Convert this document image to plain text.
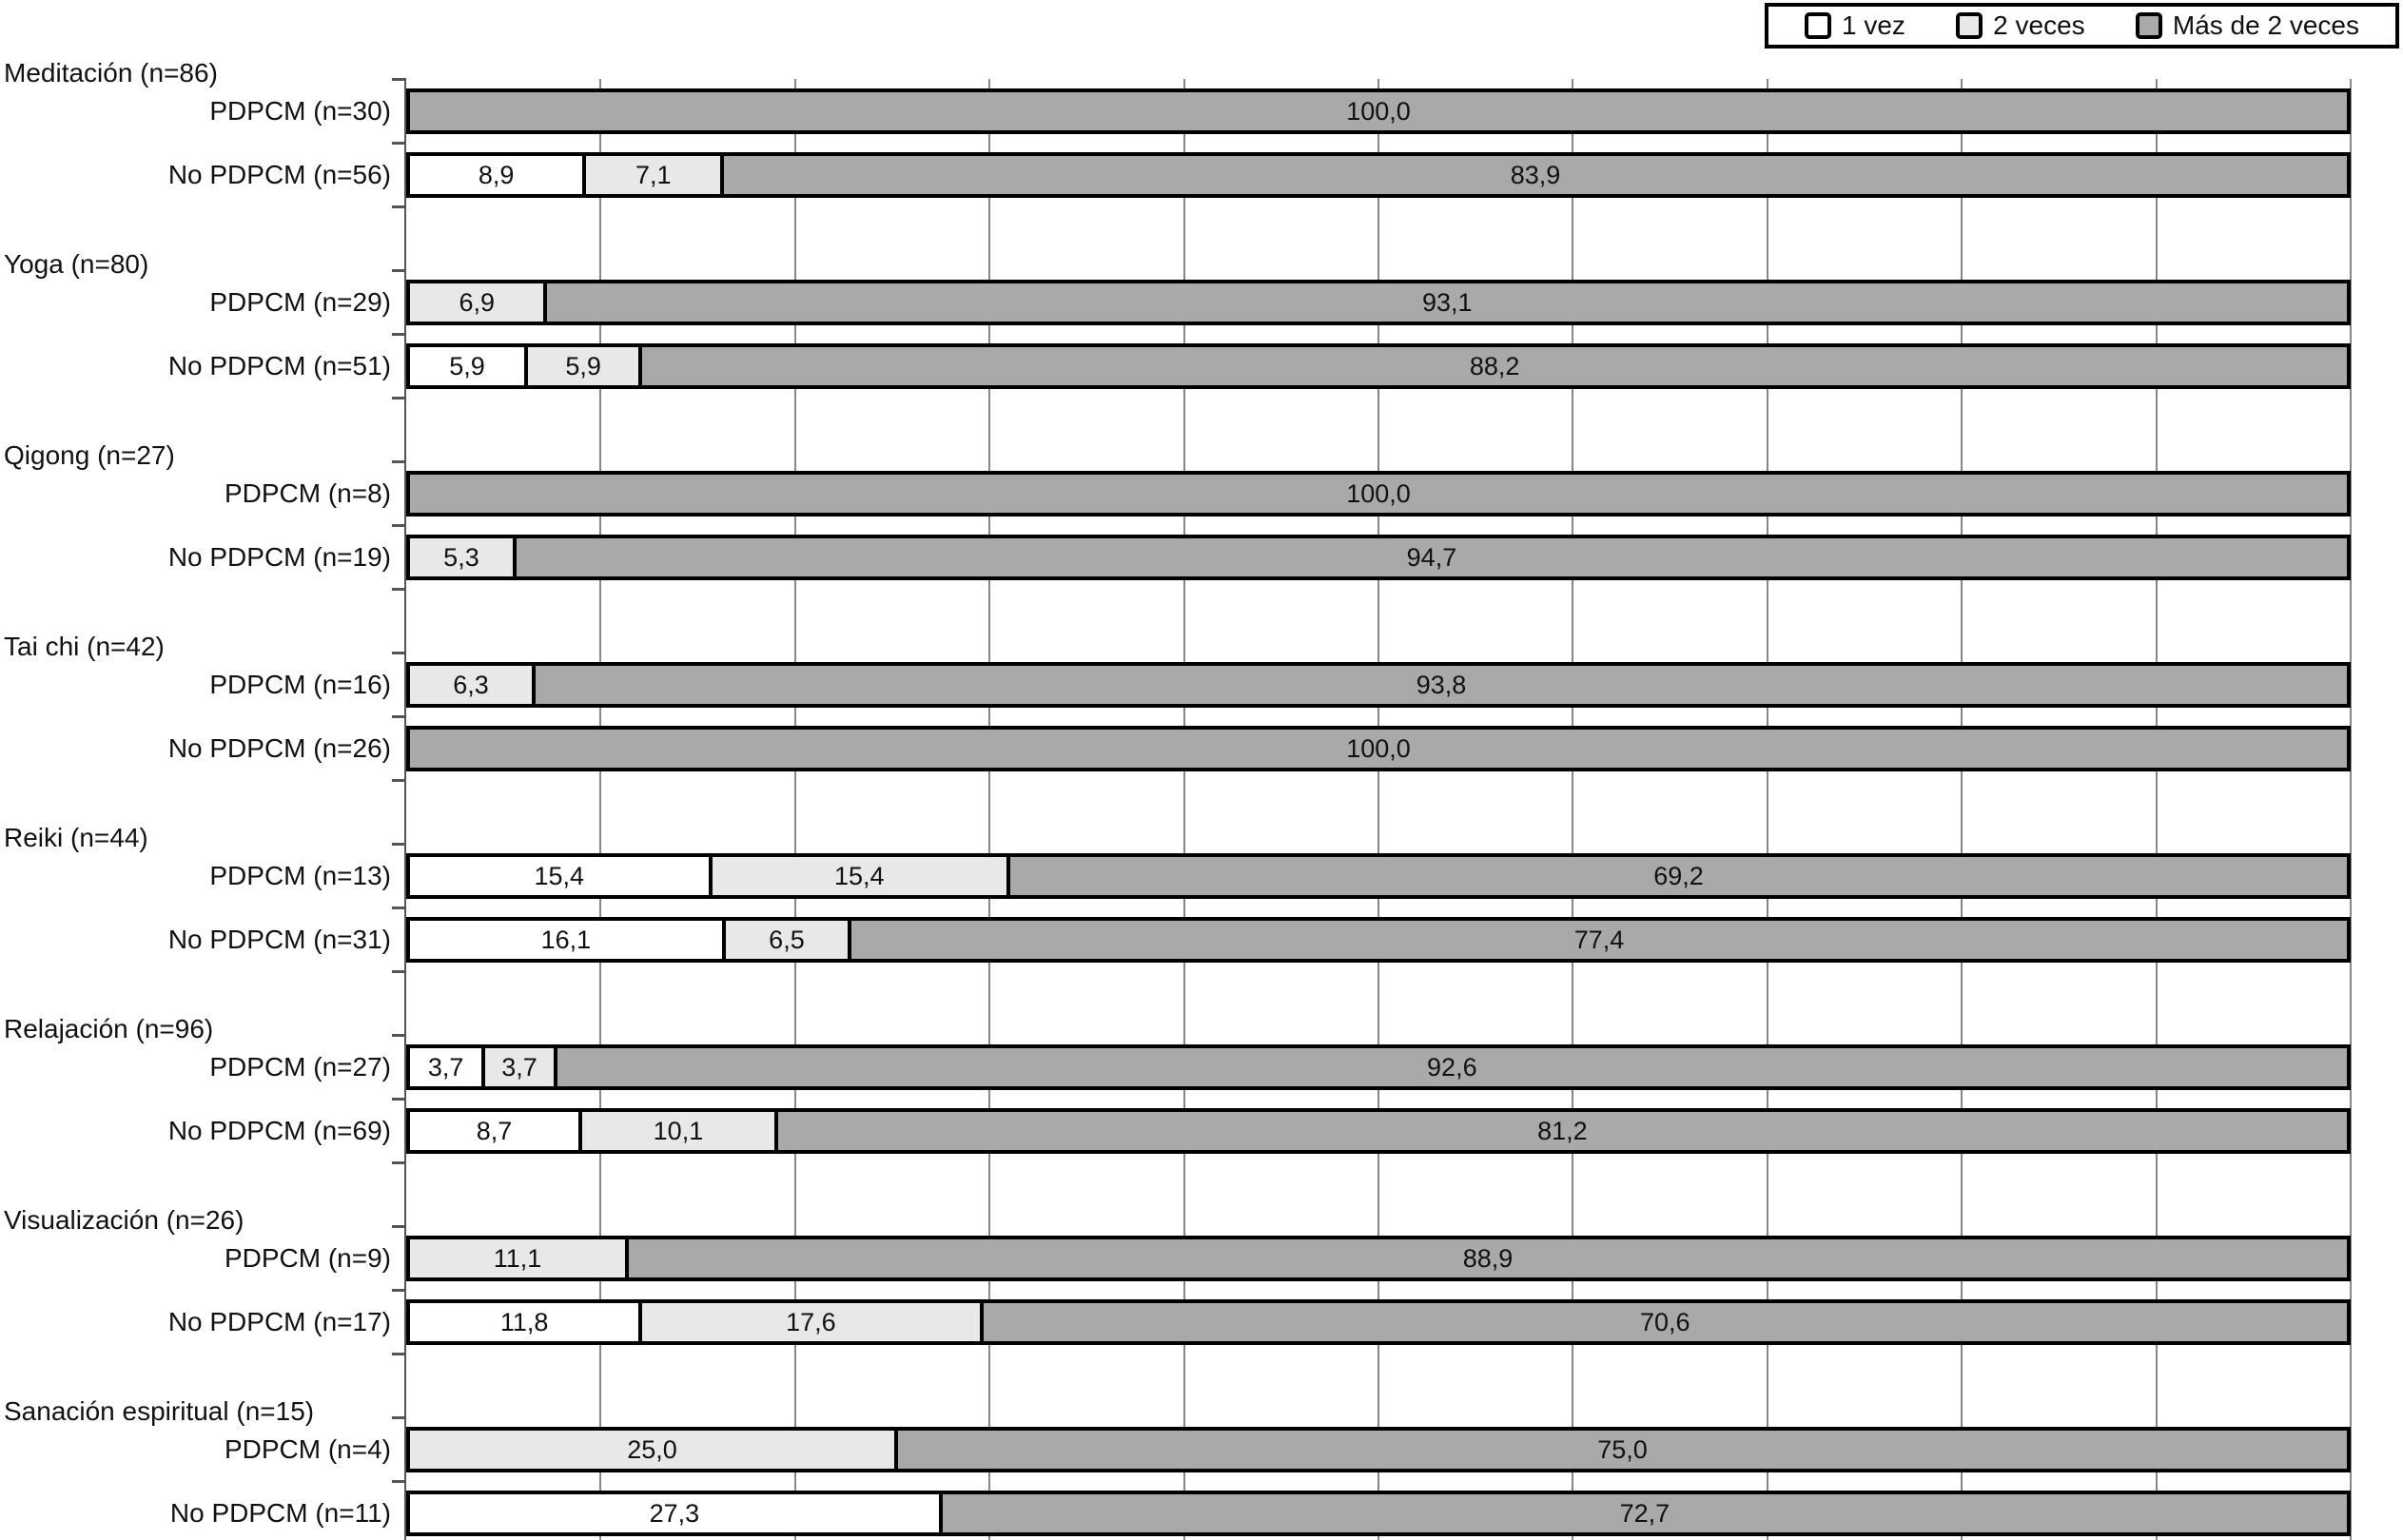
Meditación (n=86)
PDPCM (n=30)	100,0
No PDPCM (n=56)	8,9	7,1	83,9
Yoga (n=80)
PDPCM (n=29)	6,9	93,1
No PDPCM (n=51) 5,9	5,9	88,2
Qigong (n=27)
PDPCM (n=8)	100,0
No PDPCM (n=19) 5,3	94,7
Tai chi (n=42)
PDPCM (n=16) 6,3	93,8
No PDPCM (n=26)	100,0
Reiki (n=44)
PDPCM (n=13)	15,4	15,4	69,2
No PDPCM (n=31)	16,1	6,5	77,4
Relajación (n=96)
PDPCM (n=27) 3,7 3,7	92,6
No PDPCM (n=69)	8,7	10,1	81,2
Visualización (n=26)
PDPCM (n=9)	11,1	88,9
No PDPCM (n=17)	11,8	17,6	70,6
Sanación espiritual (n=15)
PDPCM (n=4)	25,0	75,0
No PDPCM (n=11)	27,3	72,7
1 vez	2 veces	Más de 2 veces
